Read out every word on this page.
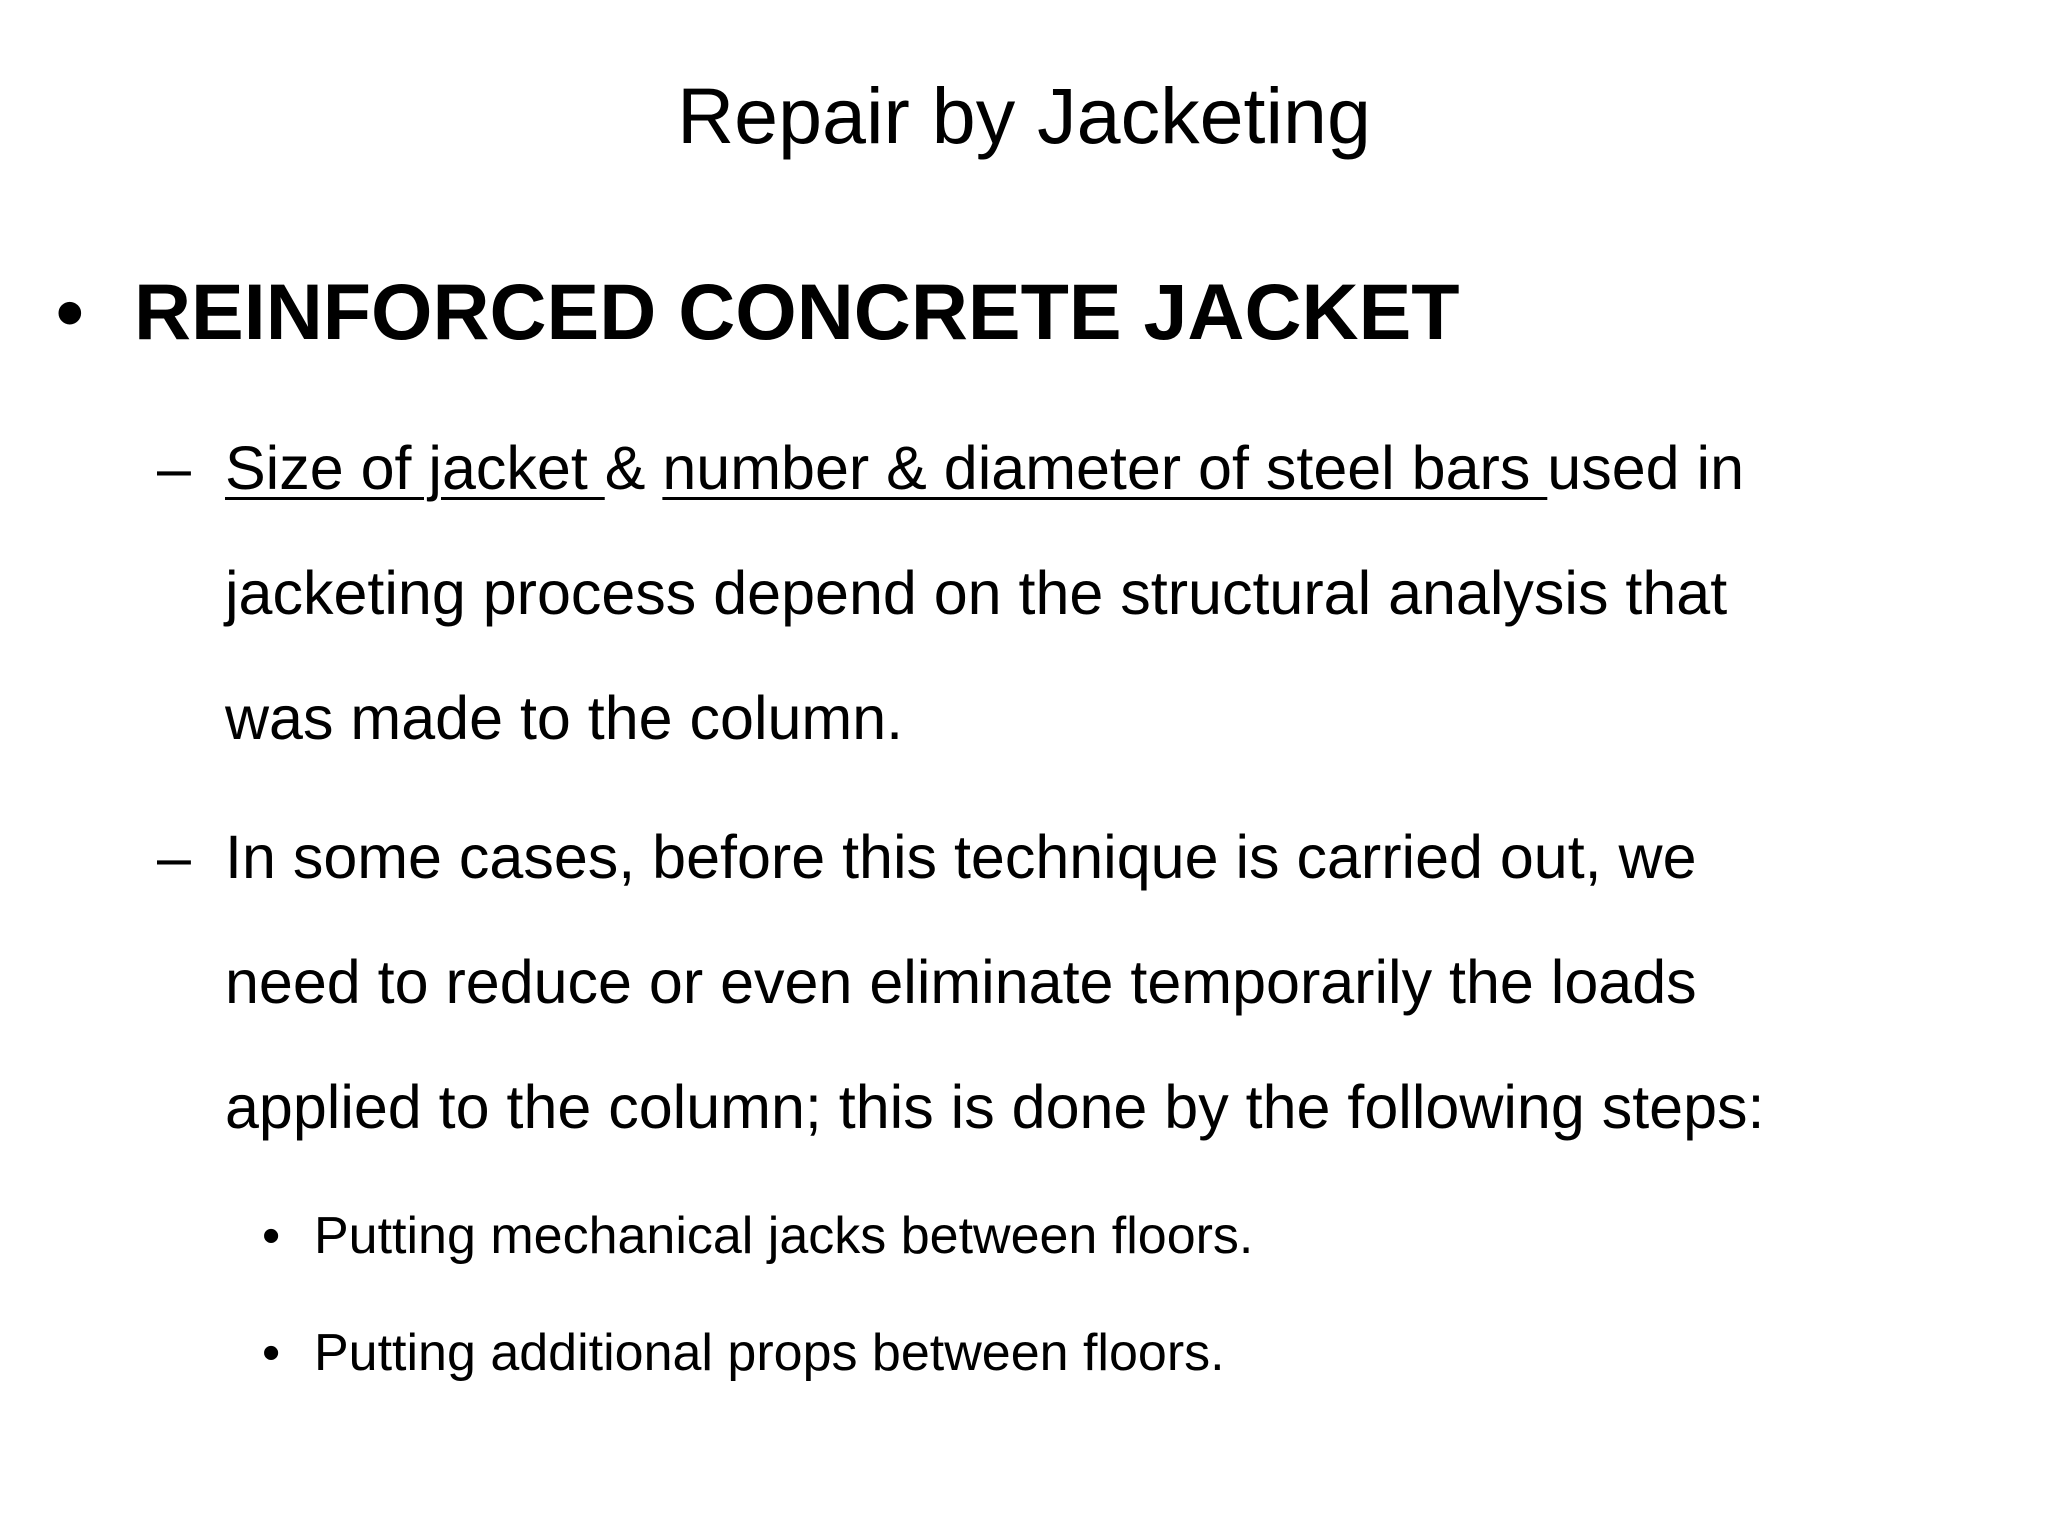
Repair by Jacketing
• REINFORCED CONCRETE JACKET
– Size of jacket & number & diameter of steel bars used in
jacketing process depend on the structural analysis that
was made to the column.
– In some cases, before this technique is carried out, we
need to reduce or even eliminate temporarily the loads
applied to the column; this is done by the following steps:
• Putting mechanical jacks between floors.
• Putting additional props between floors.
